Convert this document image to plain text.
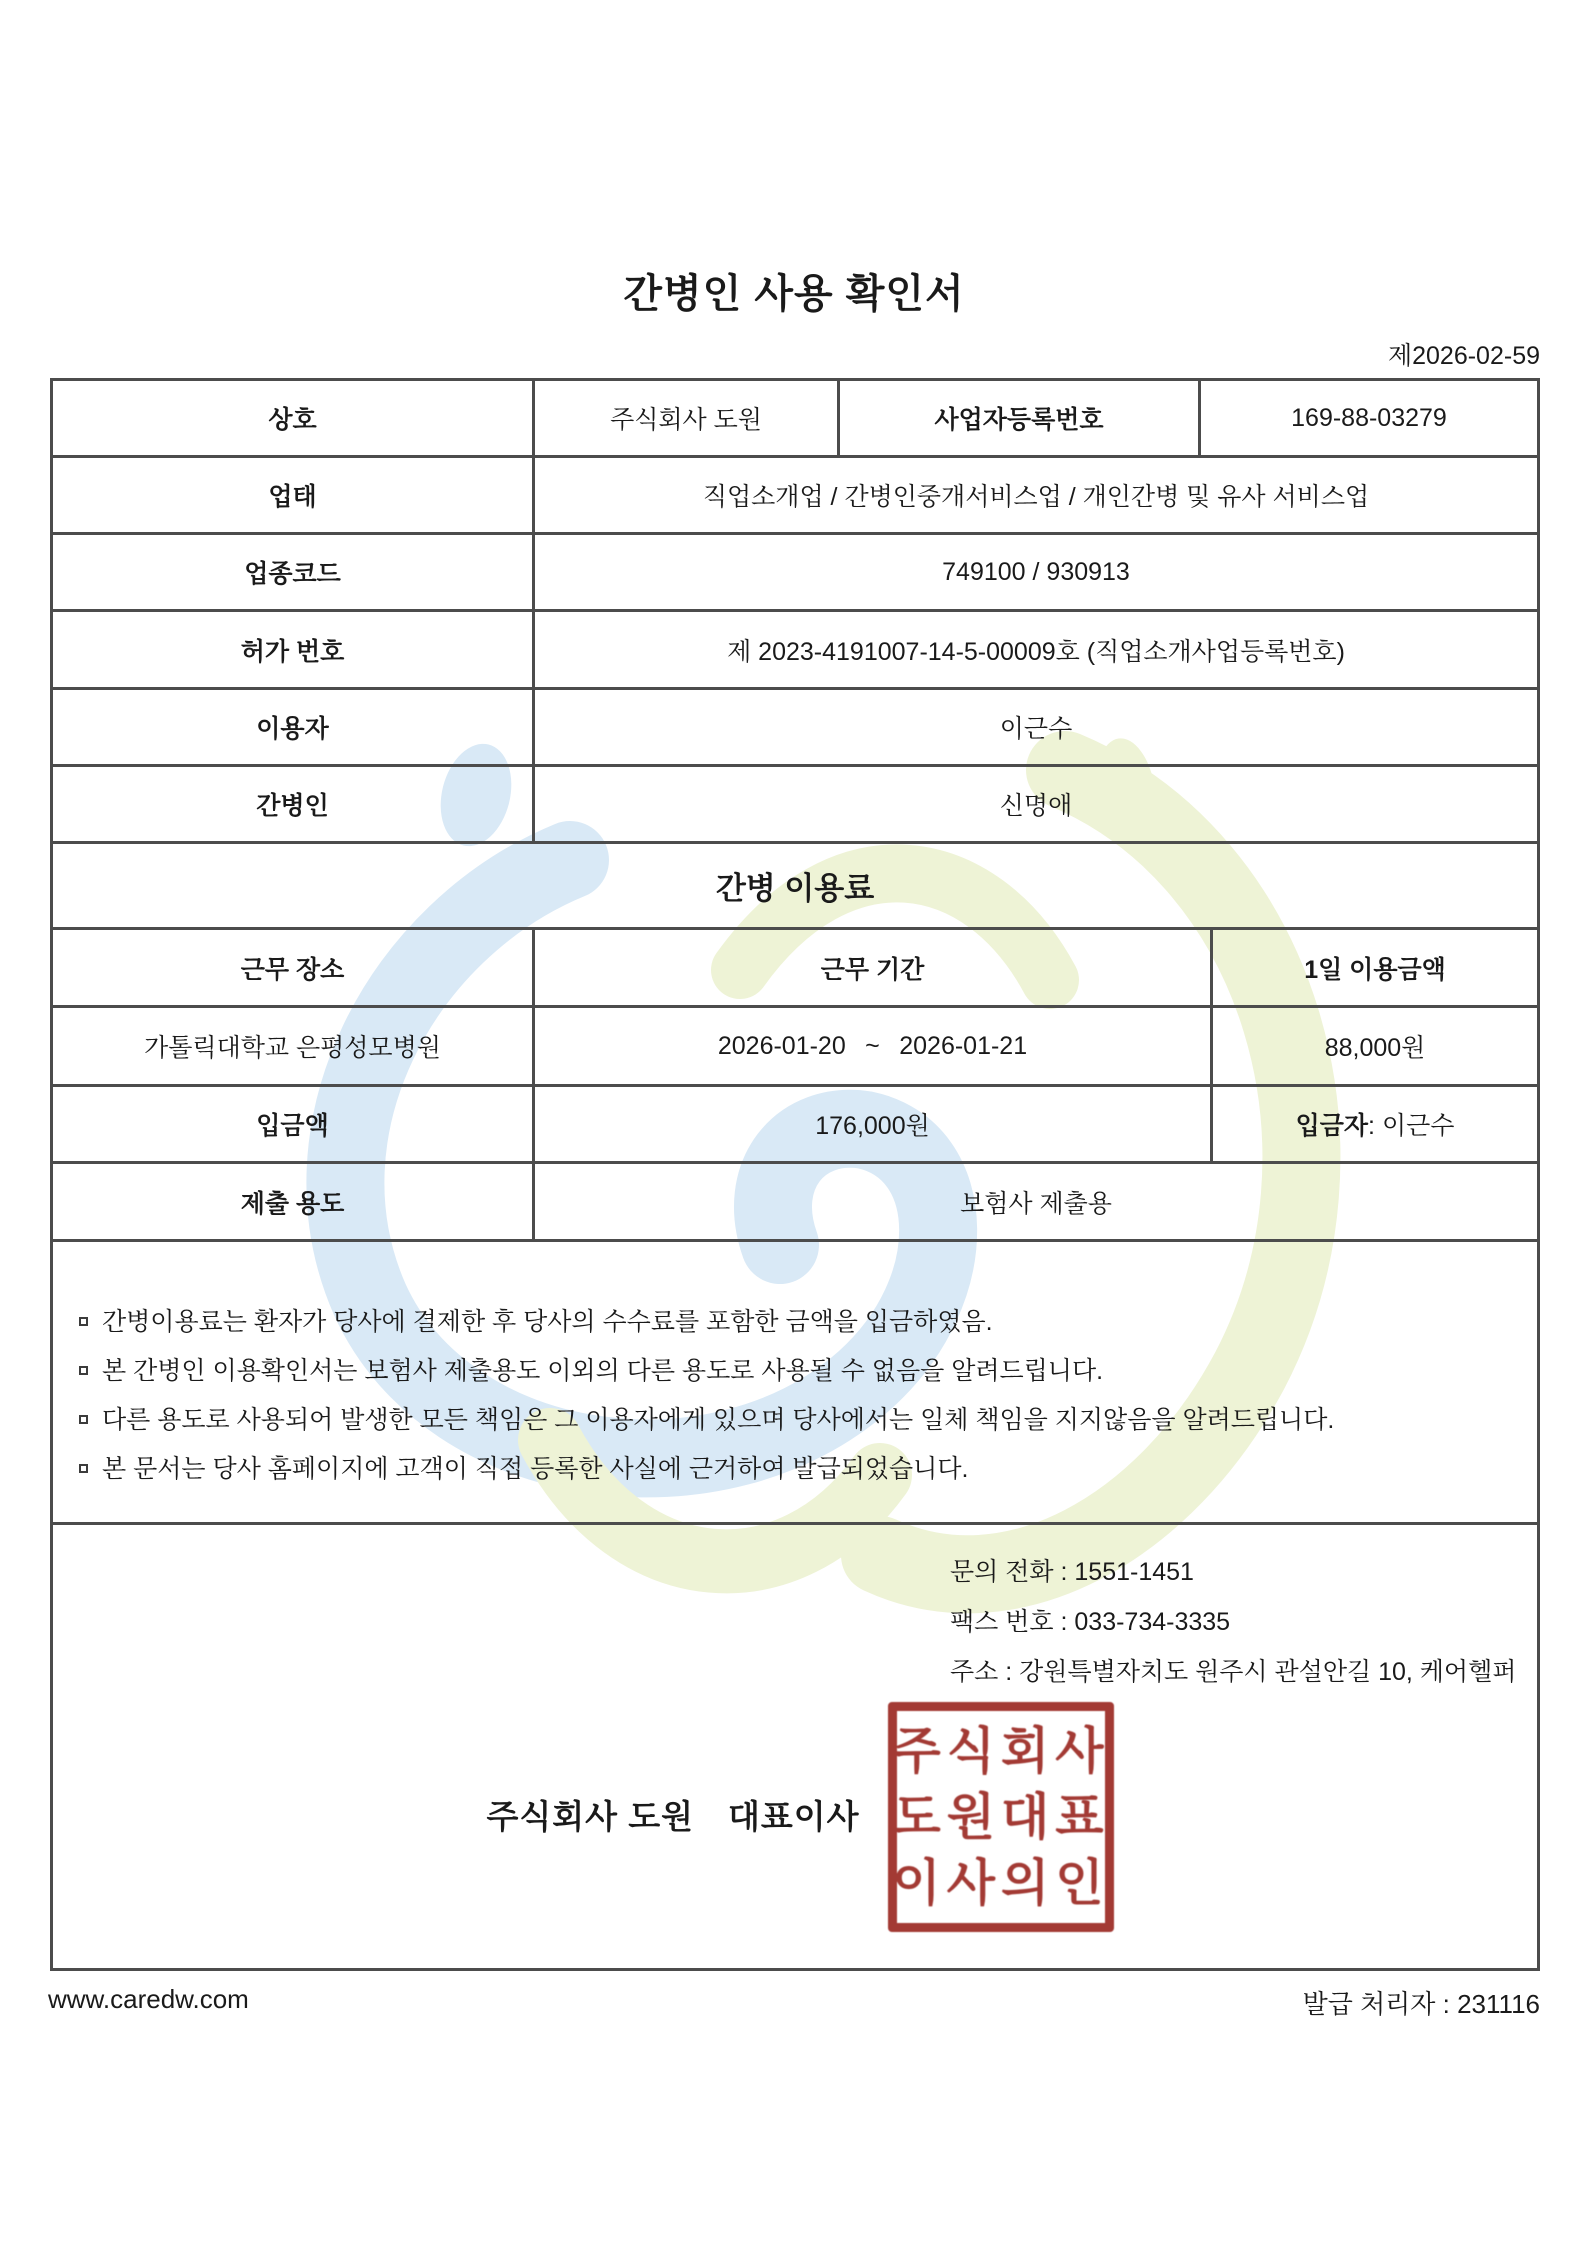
간병인 사용 확인서
제2026-02-59
상호	주식회사 도원	사업자등록번호	169-88-03279
업태	직업소개업 / 간병인중개서비스업 / 개인간병 및 유사 서비스업
업종코드	749100 / 930913
허가 번호	제 2023-4191007-14-5-00009호 (직업소개사업등록번호)
이용자	이근수
간병인	신명애
간병 이용료
근무 장소	근무 기간	1일 이용금액
가톨릭대학교 은평성모병원	2026-01-20  ~  2026-01-21	88,000원
입금액	176,000원	입금자 : 이근수
제출 용도	보험사 제출용
간병이용료는 환자가 당사에 결제한 후 당사의 수수료를 포함한 금액을 입금하였음.
본 간병인 이용확인서는 보험사 제출용도 이외의 다른 용도로 사용될 수 없음을 알려드립니다.
다른 용도로 사용되어 발생한 모든 책임은 그 이용자에게 있으며 당사에서는 일체 책임을 지지않음을 알려드립니다.
본 문서는 당사 홈페이지에 고객이 직접 등록한 사실에 근거하여 발급되었습니다.
문의 전화 : 1551-1451
팩스 번호 : 033-734-3335
주소 : 강원특별자치도 원주시 관설안길 10, 케어헬퍼
주식회사 도원　대표이사
주식회사
도원대표
이사의인
www.caredw.com	발급 처리자 : 231116
